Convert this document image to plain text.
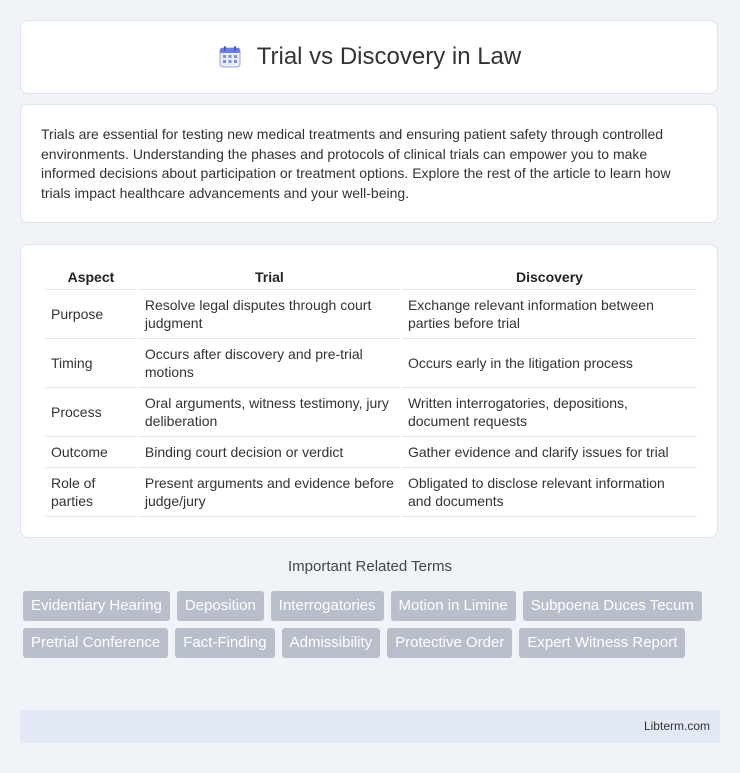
Trial vs Discovery in Law

Trials are essential for testing new medical treatments and ensuring patient safety through controlled environments. Understanding the phases and protocols of clinical trials can empower you to make informed decisions about participation or treatment options. Explore the rest of the article to learn how trials impact healthcare advancements and your well-being.

Aspect	Trial	Discovery
Purpose	Resolve legal disputes through court judgment	Exchange relevant information between parties before trial
Timing	Occurs after discovery and pre-trial motions	Occurs early in the litigation process
Process	Oral arguments, witness testimony, jury deliberation	Written interrogatories, depositions, document requests
Outcome	Binding court decision or verdict	Gather evidence and clarify issues for trial
Role of parties	Present arguments and evidence before judge/jury	Obligated to disclose relevant information and documents
Important Related Terms
Evidentiary Hearing	Deposition	Interrogatories	Motion in Limine	Subpoena Duces Tecum
Pretrial Conference	Fact-Finding	Admissibility	Protective Order	Expert Witness Report
Libterm.com
